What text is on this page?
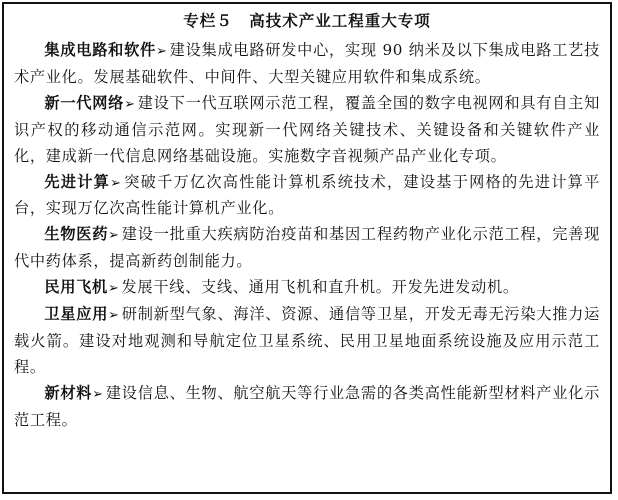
专栏５　高技术产业工程重大专项

集成电路和软件➢ 建设集成电路研发中心，实现 90 纳米及以下集成电路工艺技术产业化。发展基础软件、中间件、大型关键应用软件和集成系统。

新一代网络➢ 建设下一代互联网示范工程，覆盖全国的数字电视网和具有自主知识产权的移动通信示范网。实现新一代网络关键技术、关键设备和关键软件产业化，建成新一代信息网络基础设施。实施数字音视频产品产业化专项。

先进计算➢ 突破千万亿次高性能计算机系统技术，建设基于网格的先进计算平台，实现万亿次高性能计算机产业化。

生物医药➢ 建设一批重大疾病防治疫苗和基因工程药物产业化示范工程，完善现代中药体系，提高新药创制能力。

民用飞机➢ 发展干线、支线、通用飞机和直升机。开发先进发动机。

卫星应用➢ 研制新型气象、海洋、资源、通信等卫星，开发无毒无污染大推力运载火箭。建设对地观测和导航定位卫星系统、民用卫星地面系统设施及应用示范工程。

新材料➢ 建设信息、生物、航空航天等行业急需的各类高性能新型材料产业化示范工程。
